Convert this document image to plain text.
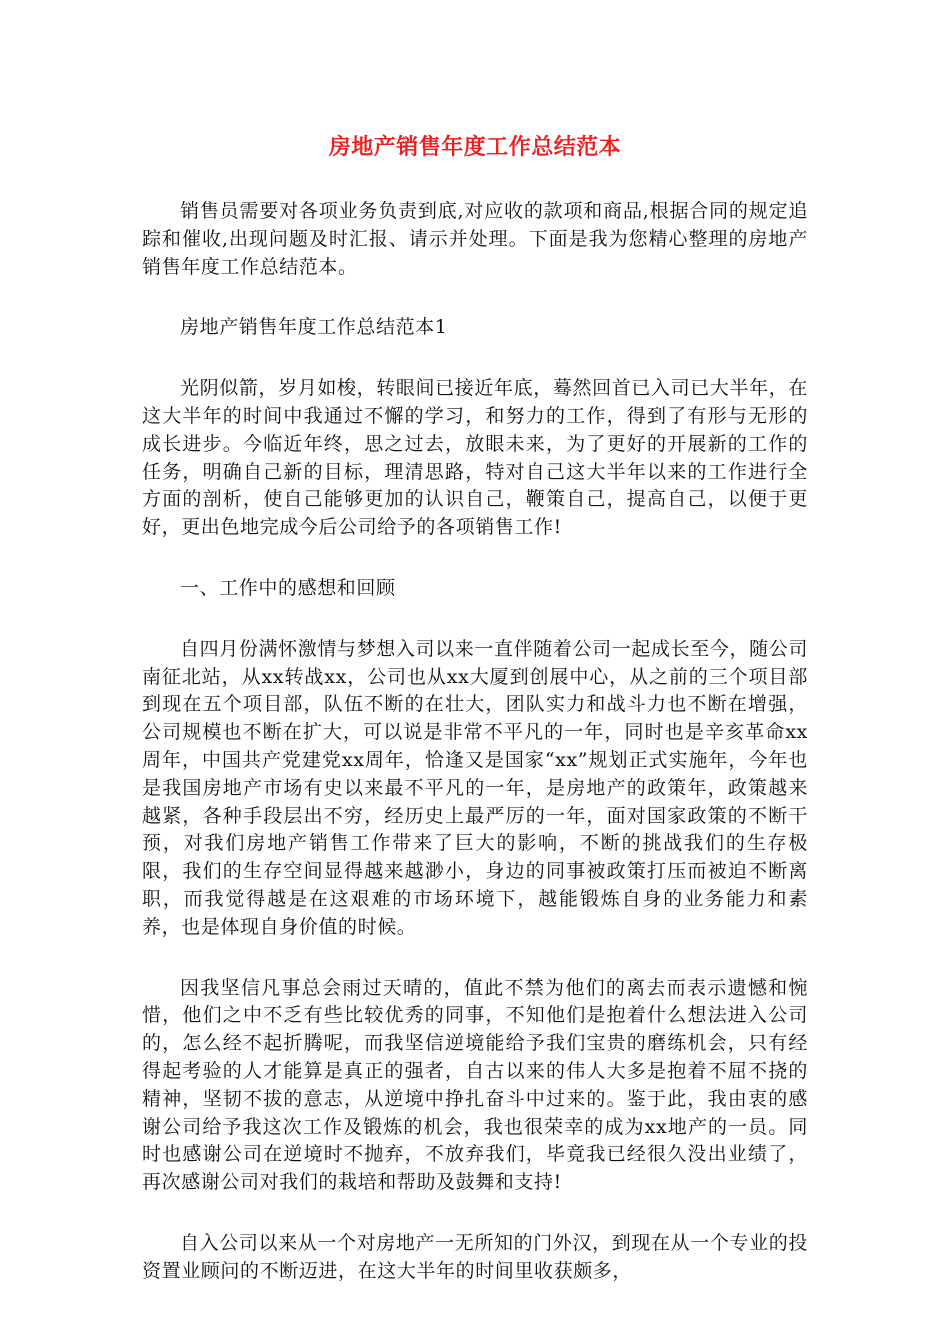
房地产销售年度工作总结范本

销售员需要对各项业务负责到底,对应收的款项和商品,根据合同的规定追踪和催收,出现问题及时汇报、请示并处理。下面是我为您精心整理的房地产销售年度工作总结范本。

房地产销售年度工作总结范本1

光阴似箭，岁月如梭，转眼间已接近年底，蓦然回首已入司已大半年，在这大半年的时间中我通过不懈的学习，和努力的工作，得到了有形与无形的成长进步。今临近年终，思之过去，放眼未来，为了更好的开展新的工作的任务，明确自己新的目标，理清思路，特对自己这大半年以来的工作进行全方面的剖析，使自己能够更加的认识自己，鞭策自己，提高自己，以便于更好，更出色地完成今后公司给予的各项销售工作!

一、工作中的感想和回顾

自四月份满怀激情与梦想入司以来一直伴随着公司一起成长至今，随公司南征北站，从xx转战xx，公司也从xx大厦到创展中心，从之前的三个项目部到现在五个项目部，队伍不断的在壮大，团队实力和战斗力也不断在增强，公司规模也不断在扩大，可以说是非常不平凡的一年，同时也是辛亥革命xx周年，中国共产党建党xx周年，恰逢又是国家“xx”规划正式实施年，今年也是我国房地产市场有史以来最不平凡的一年，是房地产的政策年，政策越来越紧，各种手段层出不穷，经历史上最严厉的一年，面对国家政策的不断干预，对我们房地产销售工作带来了巨大的影响，不断的挑战我们的生存极限，我们的生存空间显得越来越渺小，身边的同事被政策打压而被迫不断离职，而我觉得越是在这艰难的市场环境下，越能锻炼自身的业务能力和素养，也是体现自身价值的时候。

因我坚信凡事总会雨过天晴的，值此不禁为他们的离去而表示遗憾和惋惜，他们之中不乏有些比较优秀的同事，不知他们是抱着什么想法进入公司的，怎么经不起折腾呢，而我坚信逆境能给予我们宝贵的磨练机会，只有经得起考验的人才能算是真正的强者，自古以来的伟人大多是抱着不屈不挠的精神，坚韧不拔的意志，从逆境中挣扎奋斗中过来的。鉴于此，我由衷的感谢公司给予我这次工作及锻炼的机会，我也很荣幸的成为xx地产的一员。同时也感谢公司在逆境时不抛弃，不放弃我们，毕竟我已经很久没出业绩了，再次感谢公司对我们的栽培和帮助及鼓舞和支持!

自入公司以来从一个对房地产一无所知的门外汉，到现在从一个专业的投资置业顾问的不断迈进，在这大半年的时间里收获颇多，
